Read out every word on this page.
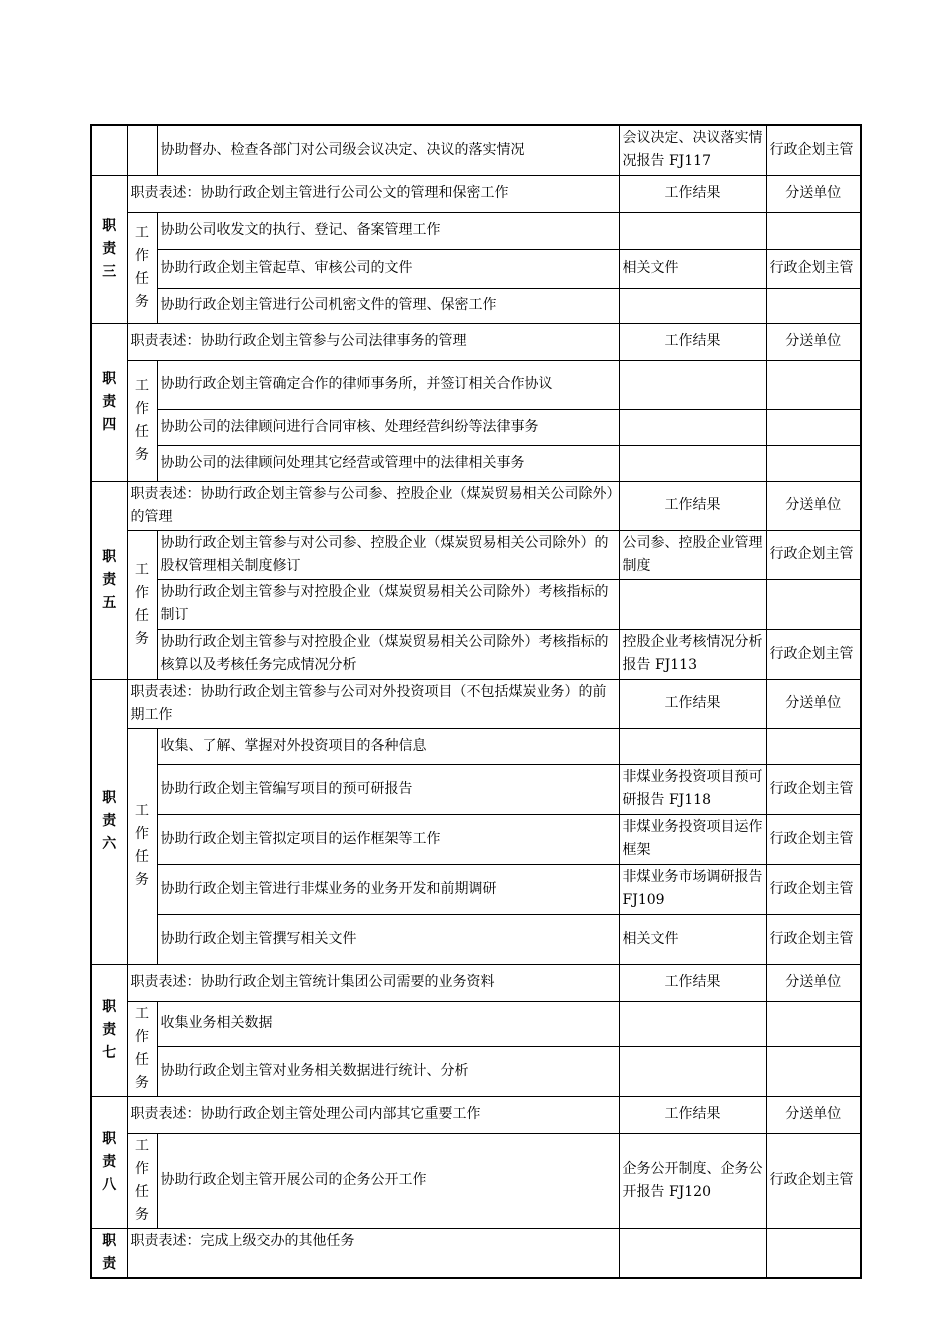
		协助督办、检查各部门对公司级会议决定、决议的落实情况	会议决定、决议落实情况报告 FJ117	行政企划主管
职责三	职责表述：协助行政企划主管进行公司公文的管理和保密工作		工作结果	分送单位
	工作任务	协助公司收发文的执行、登记、备案管理工作		
		协助行政企划主管起草、审核公司的文件	相关文件	行政企划主管
		协助行政企划主管进行公司机密文件的管理、保密工作		
职责四	职责表述：协助行政企划主管参与公司法律事务的管理		工作结果	分送单位
	工作任务	协助行政企划主管确定合作的律师事务所，并签订相关合作协议		
		协助公司的法律顾问进行合同审核、处理经营纠纷等法律事务		
		协助公司的法律顾问处理其它经营或管理中的法律相关事务		
职责五	职责表述：协助行政企划主管参与公司参、控股企业（煤炭贸易相关公司除外）的管理		工作结果	分送单位
	工作任务	协助行政企划主管参与对公司参、控股企业（煤炭贸易相关公司除外）的股权管理相关制度修订	公司参、控股企业管理制度	行政企划主管
		协助行政企划主管参与对控股企业（煤炭贸易相关公司除外）考核指标的制订		
		协助行政企划主管参与对控股企业（煤炭贸易相关公司除外）考核指标的核算以及考核任务完成情况分析	控股企业考核情况分析报告 FJ113	行政企划主管
职责六	职责表述：协助行政企划主管参与公司对外投资项目（不包括煤炭业务）的前期工作		工作结果	分送单位
	工作任务	收集、了解、掌握对外投资项目的各种信息		
		协助行政企划主管编写项目的预可研报告	非煤业务投资项目预可研报告 FJ118	行政企划主管
		协助行政企划主管拟定项目的运作框架等工作	非煤业务投资项目运作框架	行政企划主管
		协助行政企划主管进行非煤业务的业务开发和前期调研	非煤业务市场调研报告 FJ109	行政企划主管
		协助行政企划主管撰写相关文件	相关文件	行政企划主管
职责七	职责表述：协助行政企划主管统计集团公司需要的业务资料		工作结果	分送单位
	工作任务	收集业务相关数据		
		协助行政企划主管对业务相关数据进行统计、分析		
职责八	职责表述：协助行政企划主管处理公司内部其它重要工作		工作结果	分送单位
	工作任务	协助行政企划主管开展公司的企务公开工作	企务公开制度、企务公开报告 FJ120	行政企划主管
职责	职责表述：完成上级交办的其他任务			
